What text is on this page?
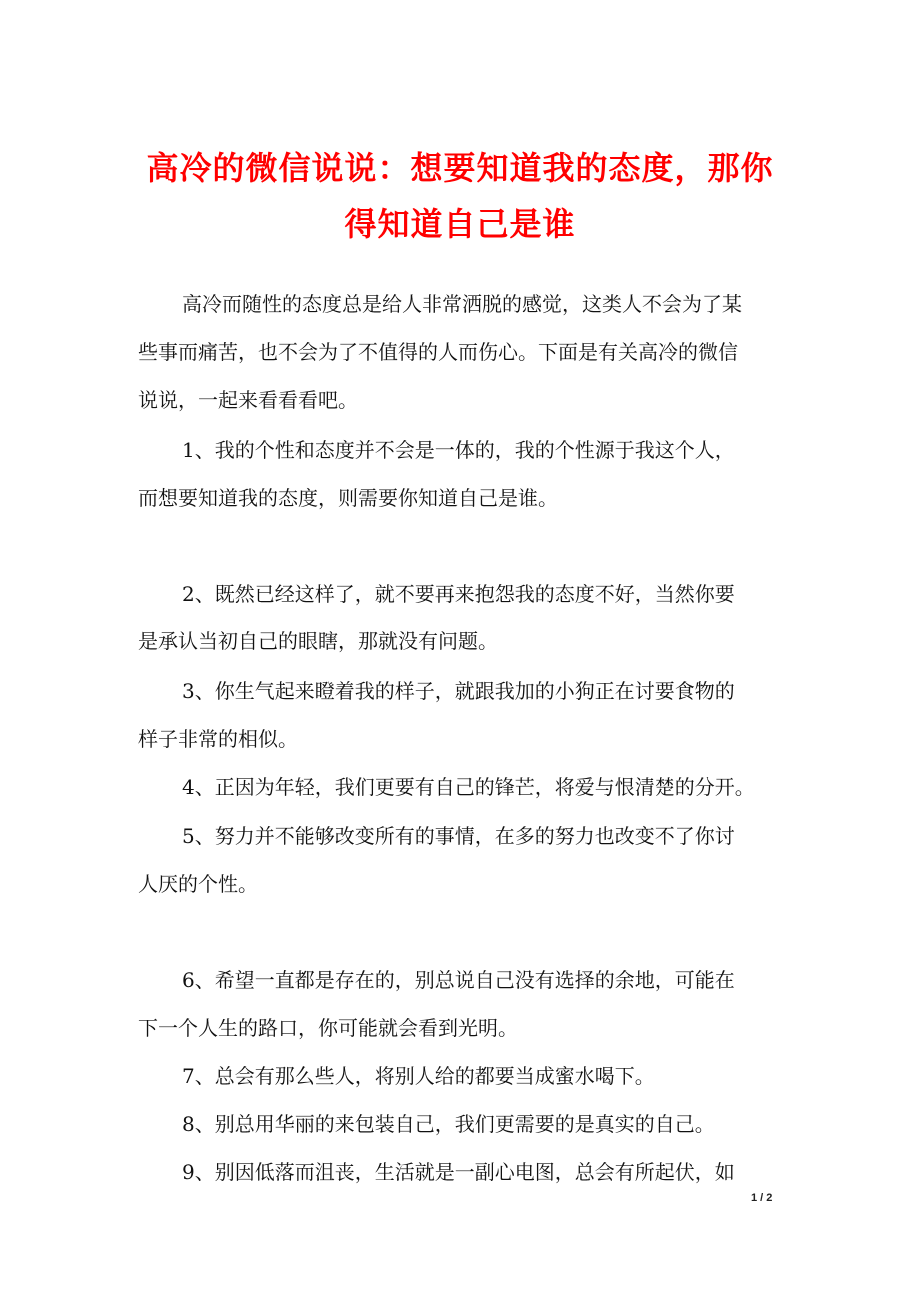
高冷的微信说说：想要知道我的态度，那你
得知道自己是谁
高冷而随性的态度总是给人非常洒脱的感觉，这类人不会为了某
些事而痛苦，也不会为了不值得的人而伤心。下面是有关高冷的微信
说说，一起来看看看吧。
1、我的个性和态度并不会是一体的，我的个性源于我这个人，
而想要知道我的态度，则需要你知道自己是谁。
2、既然已经这样了，就不要再来抱怨我的态度不好，当然你要
是承认当初自己的眼瞎，那就没有问题。
3、你生气起来瞪着我的样子，就跟我加的小狗正在讨要食物的
样子非常的相似。
4、正因为年轻，我们更要有自己的锋芒，将爱与恨清楚的分开。
5、努力并不能够改变所有的事情，在多的努力也改变不了你讨
人厌的个性。
6、希望一直都是存在的，别总说自己没有选择的余地，可能在
下一个人生的路口，你可能就会看到光明。
7、总会有那么些人，将别人给的都要当成蜜水喝下。
8、别总用华丽的来包装自己，我们更需要的是真实的自己。
9、别因低落而沮丧，生活就是一副心电图，总会有所起伏，如
1 / 2
